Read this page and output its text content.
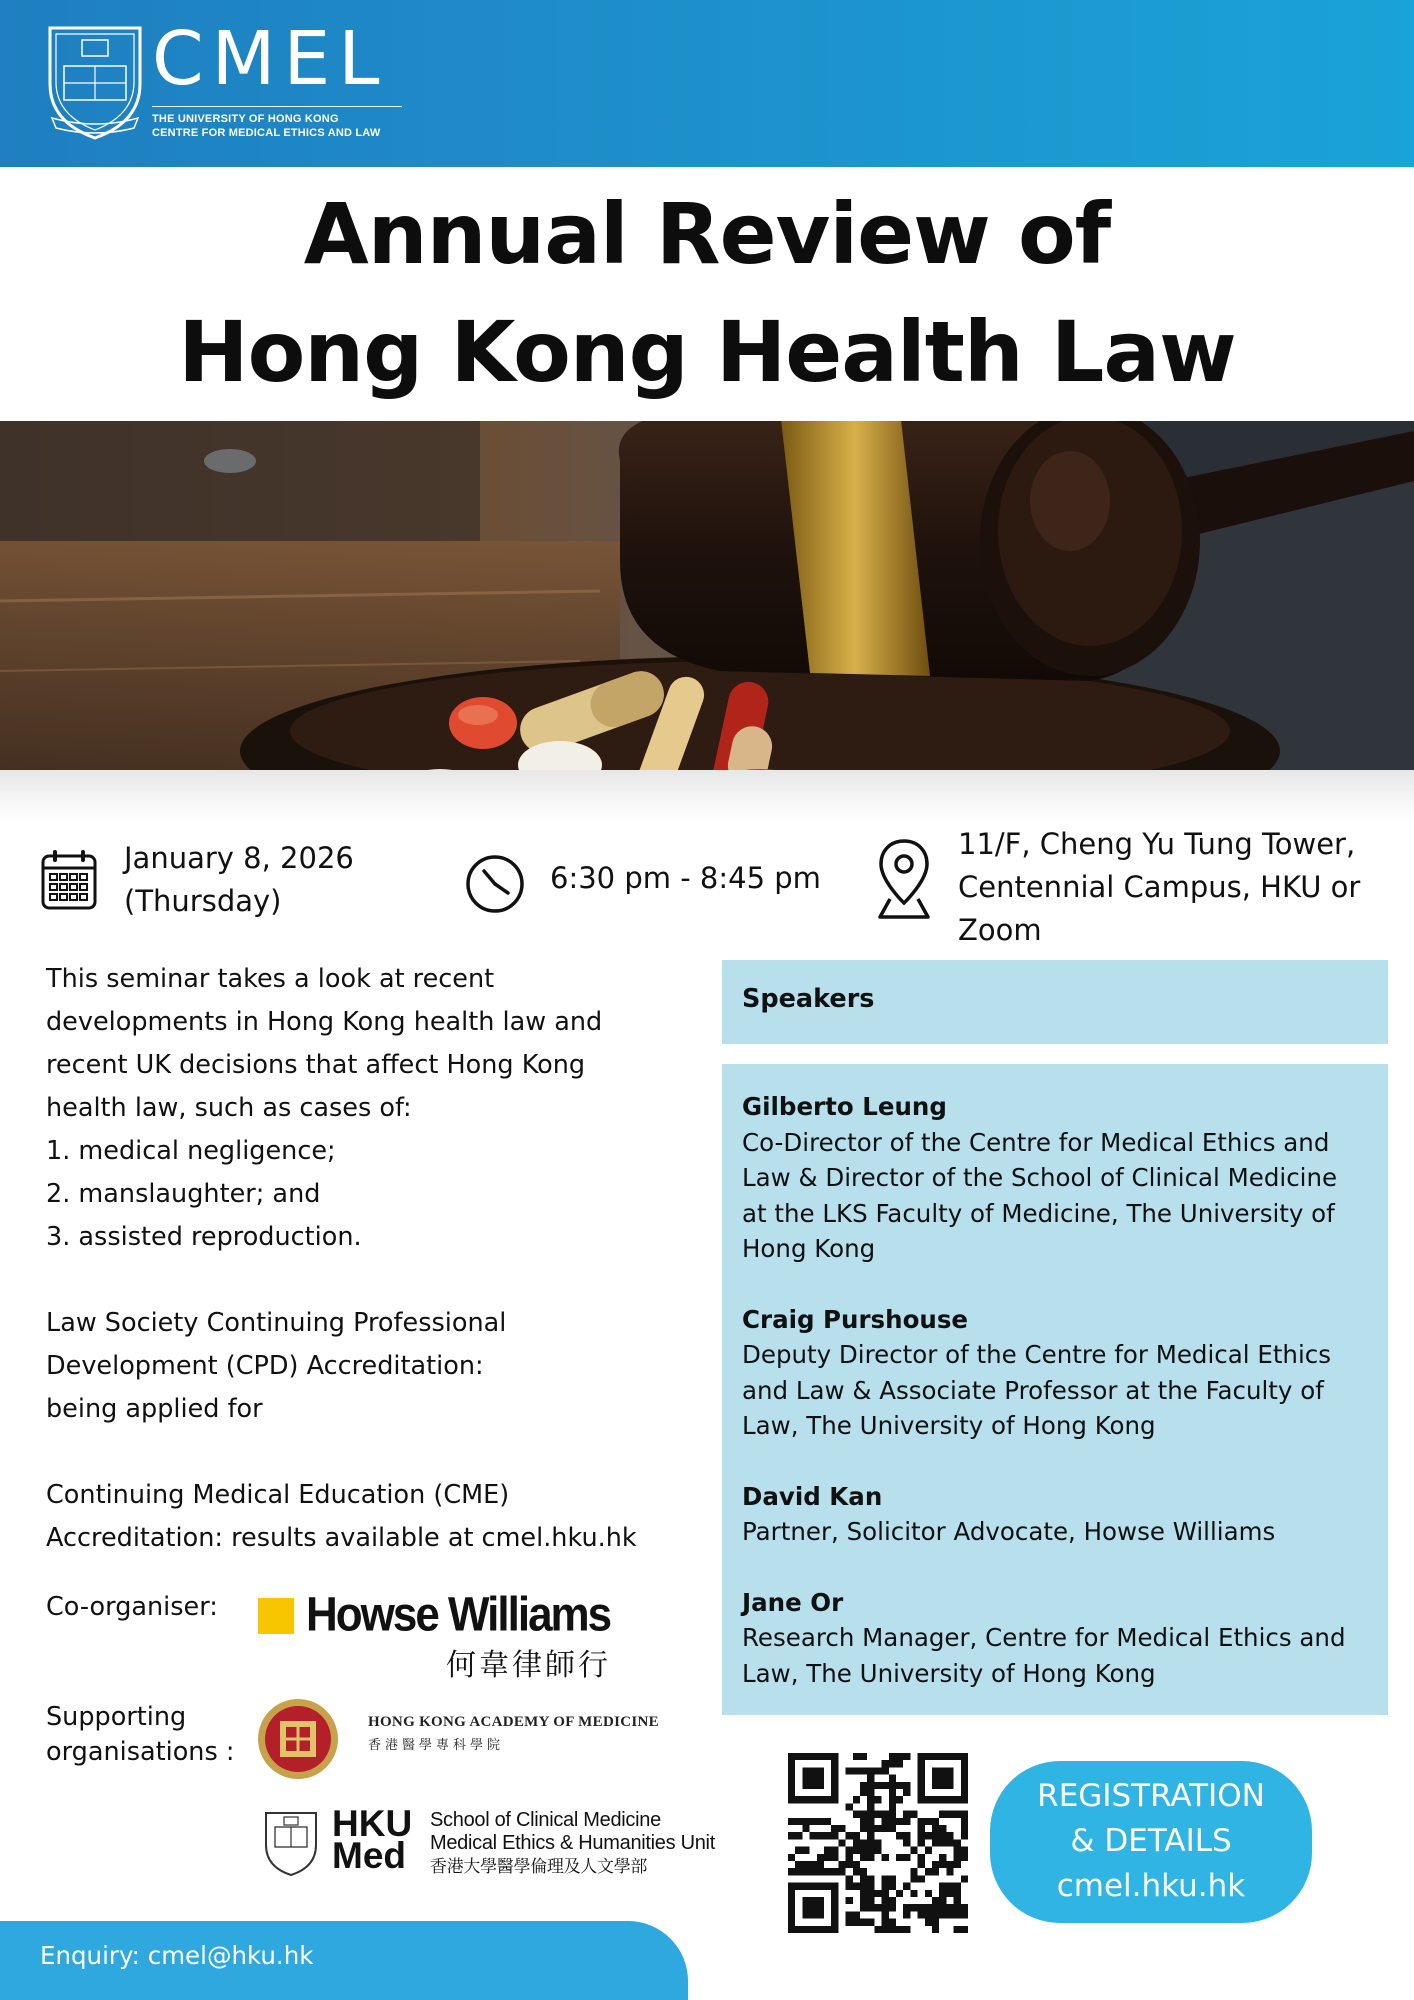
CMEL
THE UNIVERSITY OF HONG KONG
CENTRE FOR MEDICAL ETHICS AND LAW
Annual Review of
Hong Kong Health Law
January 8, 2026
(Thursday)
6:30 pm - 8:45 pm
11/F, Cheng Yu Tung Tower,
Centennial Campus, HKU or
Zoom

This seminar takes a look at recent
developments in Hong Kong health law and
recent UK decisions that affect Hong Kong
health law, such as cases of:

1. medical negligence;

2. manslaughter; and

3. assisted reproduction.

Law Society Continuing Professional
Development (CPD) Accreditation:
being applied for

Continuing Medical Education (CME)
Accreditation: results available at cmel.hku.hk

Co-organiser: Howse Williams
何韋律師行
Supporting
organisations :
HONG KONG ACADEMY OF MEDICINE
香港醫學專科學院
HKU
Med
School of Clinical Medicine
Medical Ethics & Humanities Unit
香港大學醫學倫理及人文學部
Speakers
Gilberto Leung
Co-Director of the Centre for Medical Ethics and Law & Director of the School of Clinical Medicine at the LKS Faculty of Medicine, The University of Hong Kong
Craig Purshouse
Deputy Director of the Centre for Medical Ethics and Law & Associate Professor at the Faculty of Law, The University of Hong Kong
David Kan
Partner, Solicitor Advocate, Howse Williams
Jane Or
Research Manager, Centre for Medical Ethics and Law, The University of Hong Kong
REGISTRATION
& DETAILS
cmel.hku.hk
Enquiry: cmel@hku.hk
